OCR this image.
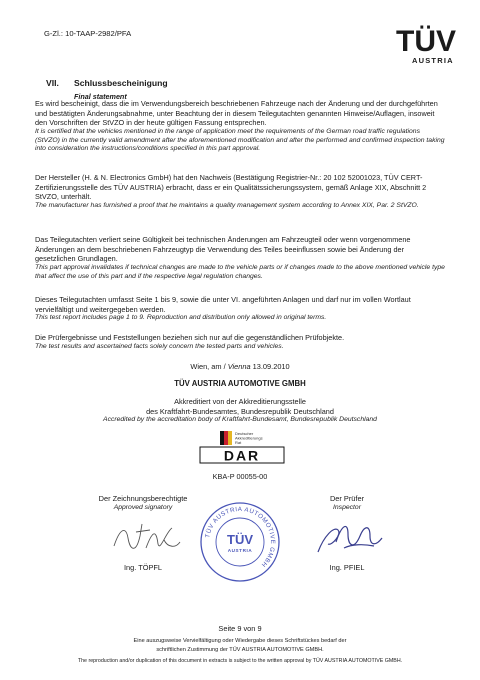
G-Zl.: 10-TAAP-2982/PFA	TÜV
AUSTRIA
VII. Schlussbescheinigung
Final statement

Es wird bescheinigt, dass die im Verwendungsbereich beschriebenen Fahrzeuge nach der Änderung und der durchgeführten und bestätigten Änderungsabnahme, unter Beachtung der in diesem Teilegutachten genannten Hinweise/Auflagen, insoweit den Vorschriften der StVZO in der heute gültigen Fassung entsprechen.

It is certified that the vehicles mentioned in the range of application meet the requirements of the German road traffic regulations (StVZO) in the currently valid amendment after the aforementioned modification and after the performed and confirmed inspection taking into consideration the instructions/conditions specified in this part approval.

Der Hersteller (H. & N. Electronics GmbH) hat den Nachweis (Bestätigung Registrier-Nr.: 20 102 52001023, TÜV CERT-Zertifizierungsstelle des TÜV AUSTRIA) erbracht, dass er ein Qualitätssicherungssystem, gemäß Anlage XIX, Abschnitt 2 StVZO, unterhält.

The manufacturer has furnished a proof that he maintains a quality management system according to Annex XIX, Par. 2 StVZO.

Das Teilegutachten verliert seine Gültigkeit bei technischen Änderungen am Fahrzeugteil oder wenn vorgenommene Änderungen an dem beschriebenen Fahrzeugtyp die Verwendung des Teiles beeinflussen sowie bei Änderung der gesetzlichen Grundlagen.

This part approval invalidates if technical changes are made to the vehicle parts or if changes made to the above mentioned vehicle type that affect the use of this part and if the respective legal regulation changes.

Dieses Teilegutachten umfasst Seite 1 bis 9, sowie die unter VI. angeführten Anlagen und darf nur im vollen Wortlaut vervielfältigt und weitergegeben werden.

This test report includes page 1 to 9. Reproduction and distribution only allowed in original terms.

Die Prüfergebnisse und Feststellungen beziehen sich nur auf die gegenständlichen Prüfobjekte.

The test results and ascertained facts solely concern the tested parts and vehicles.

Wien, am / Vienna 13.09.2010
TÜV AUSTRIA AUTOMOTIVE GMBH
Akkreditiert von der Akkreditierungsstelle
des Kraftfahrt-Bundesamtes, Bundesrepublik Deutschland
Accredited by the accreditation body of Kraftfahrt-Bundesamt, Bundesrepublik Deutschland
Deutscher
Akkreditierungs
Rat
DAR
KBA-P 00055-00
Der Zeichnungsberechtigte
Approved signatory
Ing. TÖPFL
Der Prüfer
Inspector
Ing. PFIEL
TÜV AUSTRIA AUTOMOTIVE GMBH
TÜV
AUSTRIA
Seite 9 von 9
Eine auszugsweise Vervielfältigung oder Wiedergabe dieses Schriftstückes bedarf der
schriftlichen Zustimmung der TÜV AUSTRIA AUTOMOTIVE GMBH.
The reproduction and/or duplication of this document in extracts is subject to the written approval by TÜV AUSTRIA AUTOMOTIVE GMBH.
